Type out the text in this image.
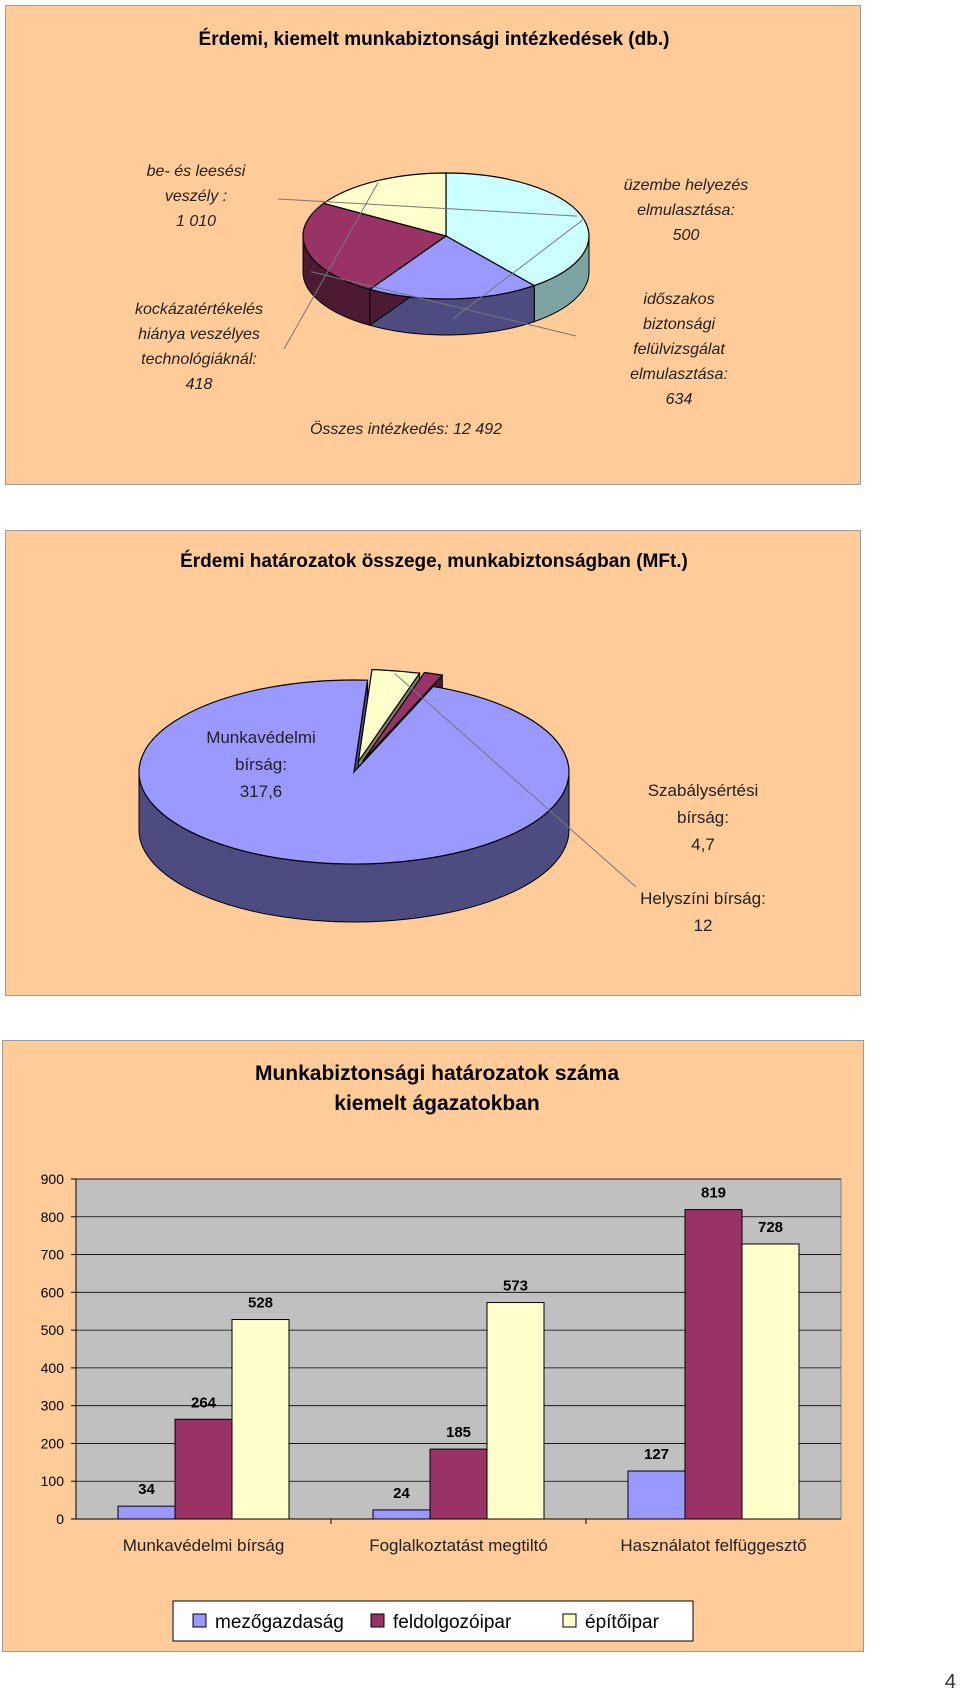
Érdemi, kiemelt munkabiztonsági intézkedések (db.)
be- és leesési veszély : 1 010
üzembe helyezés elmulasztása: 500
időszakos biztonsági felülvizsgálat elmulasztása: 634
kockázatértékelés hiánya veszélyes technológiáknál: 418
Összes intézkedés: 12 492
Érdemi határozatok összege, munkabiztonságban (MFt.)
Munkavédelmi bírság: 317,6
Helyszíni bírság: 12
Szabálysértési bírság: 4,7
Munkabiztonsági határozatok száma kiemelt ágazatokban
0
100
200
300
400
500
600
700
800
900
34
264
528
Munkavédelmi bírság
24
185
573
Foglalkoztatást megtiltó
127
819
728
Használatot felfüggesztő
mezőgazdaság	feldolgozóipar	építőipar
4
